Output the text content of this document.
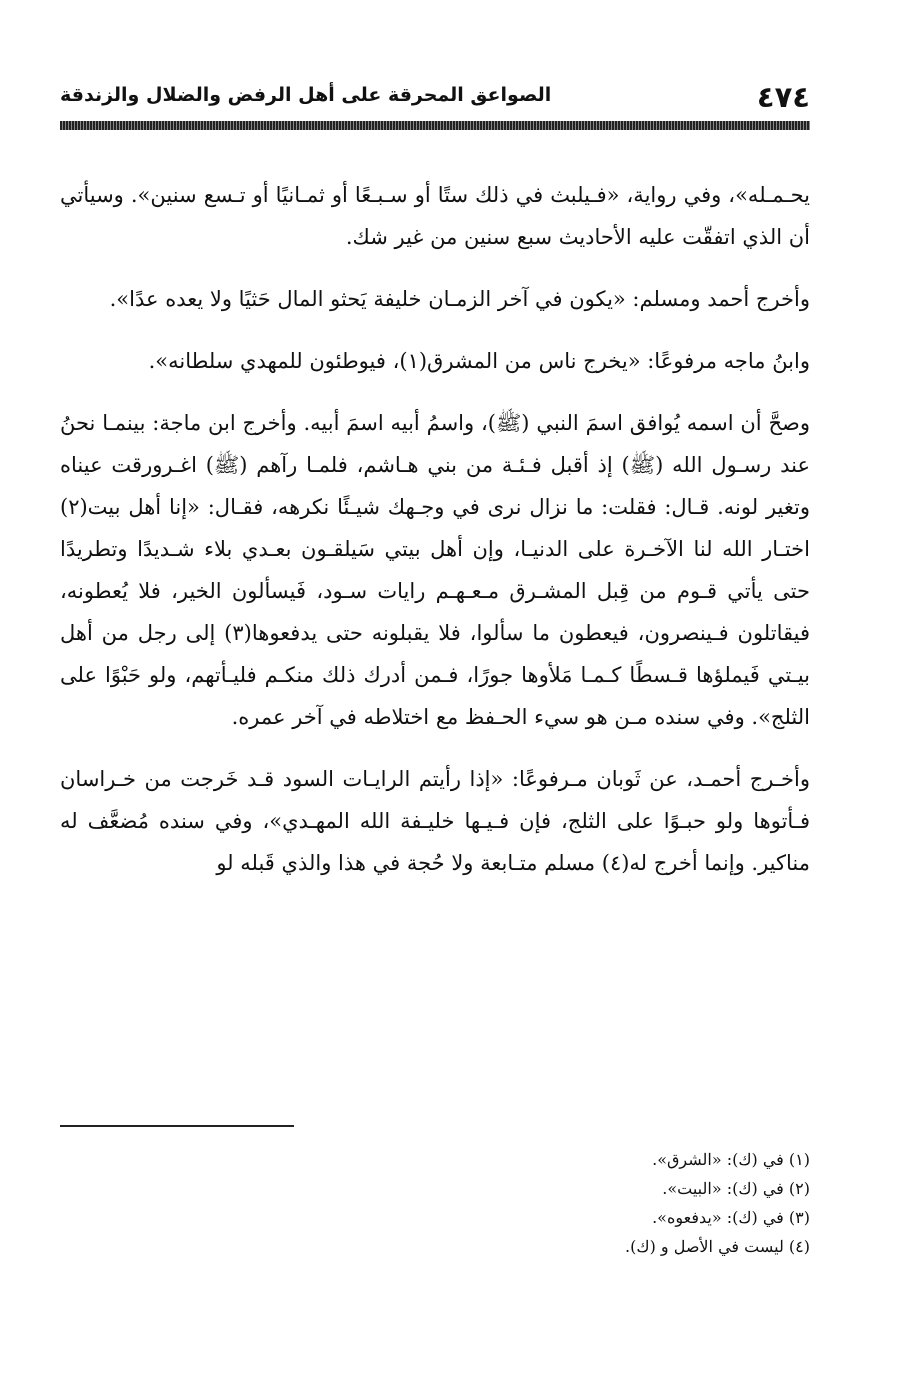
٤٧٤
الصواعق المحرقة على أهل الرفض والضلال والزندقة

يحـمـله»، وفي رواية، «فـيلبث في ذلك ستًا أو سـبـعًا أو ثمـانيًا أو تـسع سنين». وسيأتي أن الذي اتفقّت عليه الأحاديث سبع سنين من غير شك.

وأخرج أحمد ومسلم: «يكون في آخر الزمـان خليفة يَحثو المال حَثيًا ولا يعده عدًا».

وابنُ ماجه مرفوعًا: «يخرج ناس من المشرق(١)، فيوطئون للمهدي سلطانه».

وصحَّ أن اسمه يُوافق اسمَ النبي (ﷺ)، واسمُ أبيه اسمَ أبيه. وأخرج ابن ماجة: بينمـا نحنُ عند رسـول الله (ﷺ) إذ أقبل فـئـة من بني هـاشم، فلمـا رآهم (ﷺ) اغـرورقت عيناه وتغير لونه. قـال: فقلت: ما نزال نرى في وجـهك شيـئًا نكرهه، فقـال: «إنا أهل بيت(٢) اختـار الله لنا الآخـرة على الدنيـا، وإن أهل بيتي سَيلقـون بعـدي بلاء شـديدًا وتطريدًا حتى يأتي قـوم من قِبل المشـرق مـعـهـم رايات سـود، فَيسألون الخير، فلا يُعطونه، فيقاتلون فـينصرون، فيعطون ما سألوا، فلا يقبلونه حتى يدفعوها(٣) إلى رجل من أهل بيـتي فَيملؤها قـسطًا كـمـا مَلأوها جورًا، فـمن أدرك ذلك منكـم فليـأتهم، ولو حَبْوًا على الثلج». وفي سنده مـن هو سيء الحـفظ مع اختلاطه في آخر عمره.

وأخـرج أحمـد، عن ثَوبان مـرفوعًا: «إذا رأيتم الرايـات السود قـد خَرجت من خـراسان فـأتوها ولو حبـوًا على الثلج، فإن فـيـها خليـفة الله المهـدي»، وفي سنده مُضعَّف له مناكير. وإنما أخرج له(٤) مسلم متـابعة ولا حُجة في هذا والذي قَبله لو

(١) في (ك): «الشرق».
(٢) في (ك): «البيت».
(٣) في (ك): «يدفعوه».
(٤) ليست في الأصل و (ك).
